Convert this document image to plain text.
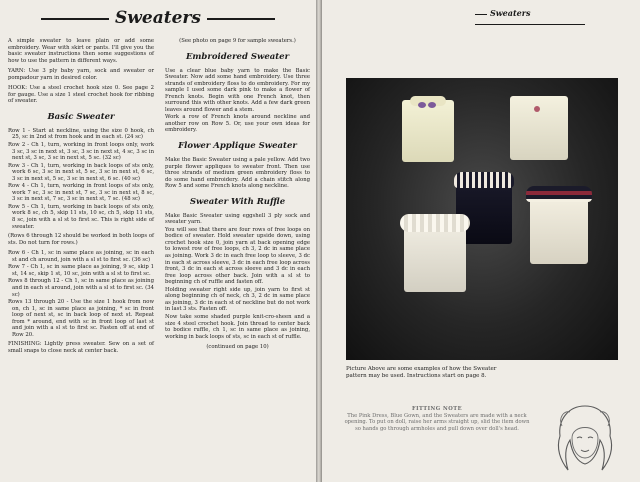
Sweaters
A simple sweater to leave plain or add some embroidery. Wear with skirt or pants. I'll give you the basic sweater instructions then some suggestions of how to use the pattern in different ways.
YARN: Use 3 ply baby yarn, sock and sweater or pompadour yarn in desired color.
HOOK: Use a steel crochet hook size 0. See page 2 for gauge. Use a size 1 steel crochet hook for ribbing of sweater.
Basic Sweater
Row 1 - Start at neckline, using the size 0 hook, ch 25, sc in 2nd st from hook and in each st. (24 sc)
Row 2 - Ch 1, turn, working in front loops only, work 3 sc, 3 sc in next st, 3 sc, 3 sc in next st, 4 sc, 3 sc in next st, 3 sc, 3 sc in next st, 5 sc. (32 sc)
Row 3 - Ch 1, turn, working in back loops of sts only, work 6 sc, 3 sc in next st, 5 sc, 3 sc in next st, 6 sc, 3 sc in next st, 5 sc, 3 sc in next st, 6 sc. (40 sc)
Row 4 - Ch 1, turn, working in front loops of sts only, work 7 sc, 3 sc in next st, 7 sc, 3 sc in next st, 8 sc, 3 sc in next st, 7 sc, 3 sc in next st, 7 sc. (48 sc)
Row 5 - Ch 1, turn, working in back loops of sts only, work 8 sc, ch 5, skip 11 sts, 10 sc, ch 5, skip 11 sts, 8 sc, join with a sl st to first sc. This is right side of sweater.
(Rows 6 through 12 should be worked in both loops of sts. Do not turn for rows.)
Row 6 - Ch 1, sc in same place as joining, sc in each st and ch around, join with a sl st to first sc. (36 sc)
Row 7 - Ch 1, sc in same place as joining, 9 sc, skip 1 st, 14 sc, skip 1 st, 10 sc, join with a sl st to first sc.
Rows 8 through 12 - Ch 1, sc in same place as joining and in each st around, join with a sl st to first sc. (34 sc)
Rows 13 through 20 - Use the size 1 hook from now on, ch 1, sc in same place as joining, * sc in front loop of next st, sc in back loop of next st. Repeat from * around, end with sc in front loop of last st and join with a sl st to first sc. Fasten off at end of Row 20.
FINISHING: Lightly press sweater. Sew on a set of small snaps to close neck at center back.
(See photo on page 9 for sample sweaters.)
Embroidered Sweater
Use a clear blue baby yarn to make the Basic Sweater. Now add some hand embroidery. Use three strands of embroidery floss to do embroidery. For my sample I used some dark pink to make a flower of French knots. Begin with one French knot, then surround this with other knots. Add a few dark green leaves around flower and a stem.
Work a row of French knots around neckline and another row on Row 5. Or, use your own ideas for embroidery.
Flower Applique Sweater
Make the Basic Sweater using a pale yellow. Add two purple flower appliques to sweater front. Then use three strands of medium green embroidery floss to do some hand embroidery. Add a chain stitch along Row 5 and some French knots along neckline.
Sweater With Ruffle
Make Basic Sweater using eggshell 3 ply sock and sweater yarn.
You will see that there are four rows of free loops on bodice of sweater. Hold sweater upside down, using crochet hook size 0, join yarn at back opening edge to lowest row of free loops, ch 3, 2 dc in same place as joining. Work 3 dc in each free loop to sleeve, 3 dc in each st across sleeve, 3 dc in each free loop across front, 3 dc in each st across sleeve and 3 dc in each free loop across other back. Join with a sl st to beginning ch of ruffle and fasten off.
Holding sweater right side up, join yarn to first st along beginning ch of neck, ch 3, 2 dc in same place as joining, 3 dc in each st of neckline but do not work in last 3 sts. Fasten off.
Now take some shaded purple knit-cro-sheen and a size 4 steel crochet hook. Join thread to center back to bodice ruffle, ch 1, sc in same place as joining, working in back loops of sts, sc in each st of ruffle.
(continued on page 10)
Sweaters
Picture Above are some examples of how the Sweater pattern may be used. Instructions start on page 8.
FITTING NOTE
The Pink Dress, Blue Gown, and the Sweaters are made with a neck opening. To put on doll, raise her arms straight up, slid the item down so hands go through armholes and pull down over doll's head.
